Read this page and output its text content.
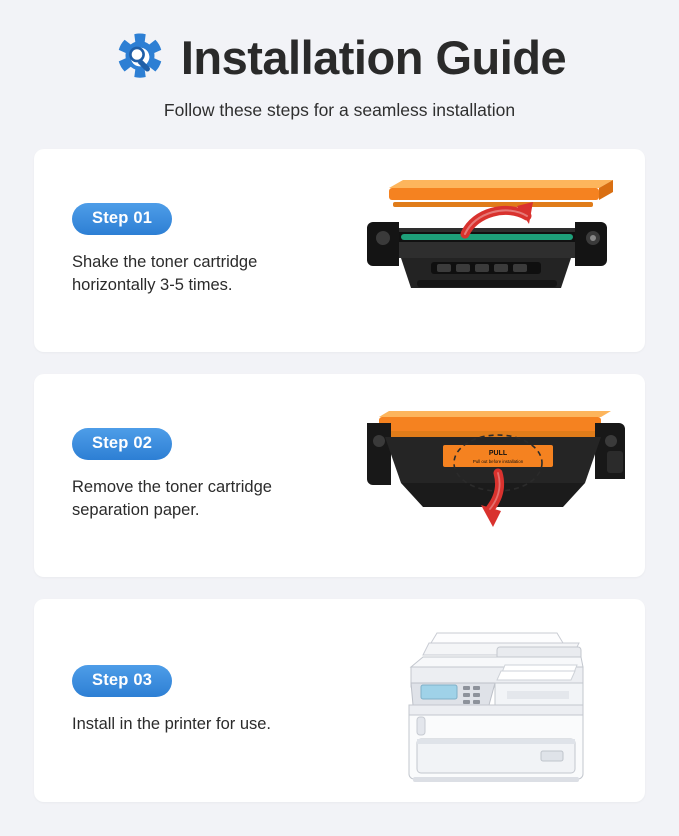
Installation Guide
Follow these steps for a seamless installation
Step 01
Shake the toner cartridge horizontally 3-5 times.
Step 02
Remove the toner cartridge separation paper.
PULL
Pull out before installation
Step 03
Install in the printer for use.
